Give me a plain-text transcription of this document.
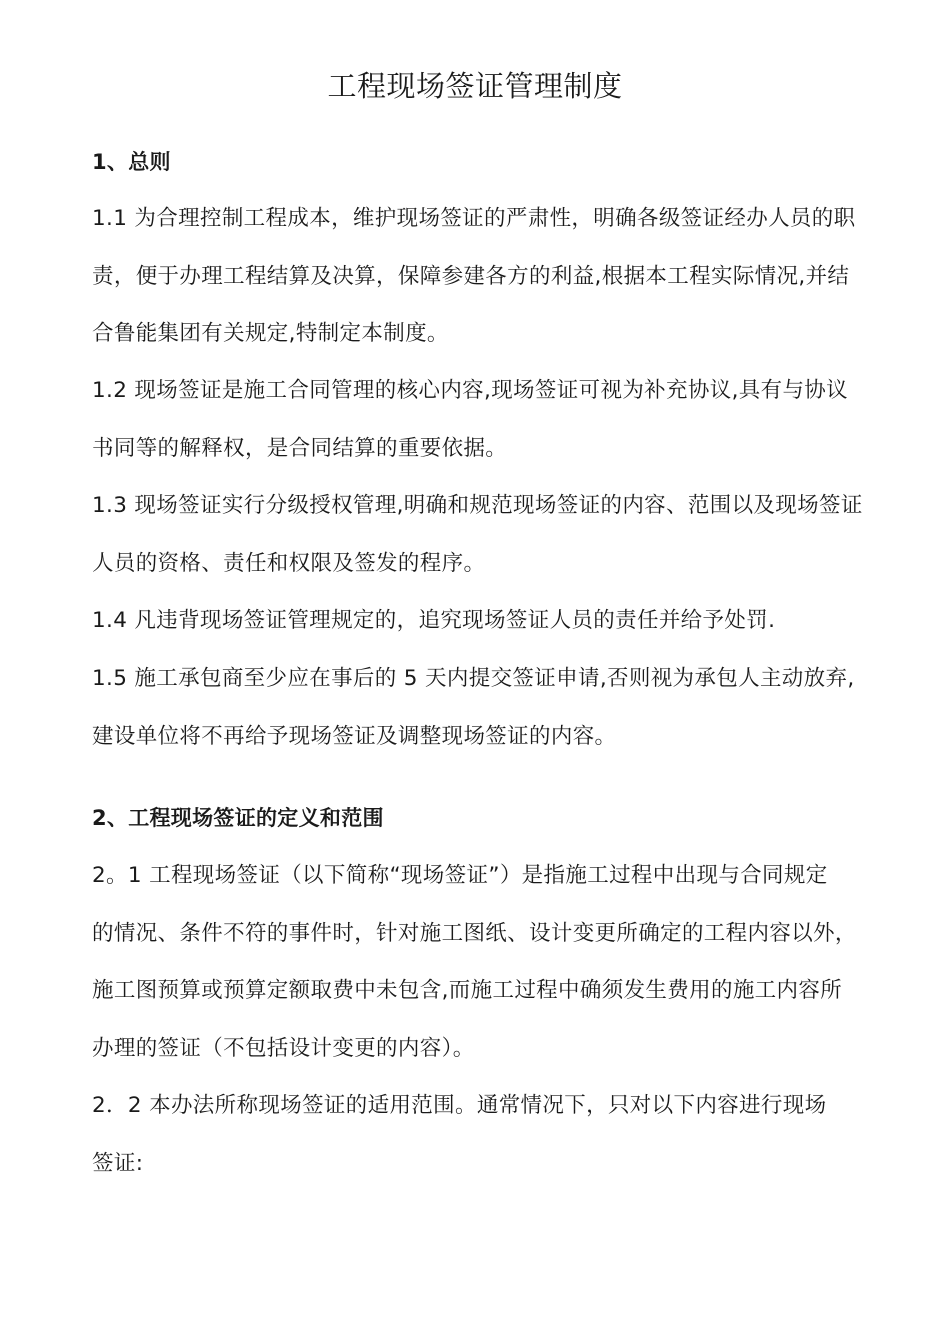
工程现场签证管理制度
1、总则
1.1 为合理控制工程成本，维护现场签证的严肃性，明确各级签证经办人员的职
责，便于办理工程结算及决算，保障参建各方的利益,根据本工程实际情况,并结
合鲁能集团有关规定,特制定本制度。
1.2 现场签证是施工合同管理的核心内容,现场签证可视为补充协议,具有与协议
书同等的解释权，是合同结算的重要依据。
1.3 现场签证实行分级授权管理,明确和规范现场签证的内容、范围以及现场签证
人员的资格、责任和权限及签发的程序。
1.4 凡违背现场签证管理规定的，追究现场签证人员的责任并给予处罚.
1.5 施工承包商至少应在事后的 5 天内提交签证申请,否则视为承包人主动放弃,
建设单位将不再给予现场签证及调整现场签证的内容。
2、工程现场签证的定义和范围
2。1 工程现场签证（以下简称“现场签证”）是指施工过程中出现与合同规定
的情况、条件不符的事件时，针对施工图纸、设计变更所确定的工程内容以外，
施工图预算或预算定额取费中未包含,而施工过程中确须发生费用的施工内容所
办理的签证（不包括设计变更的内容）。
2．2 本办法所称现场签证的适用范围。通常情况下，只对以下内容进行现场
签证:
